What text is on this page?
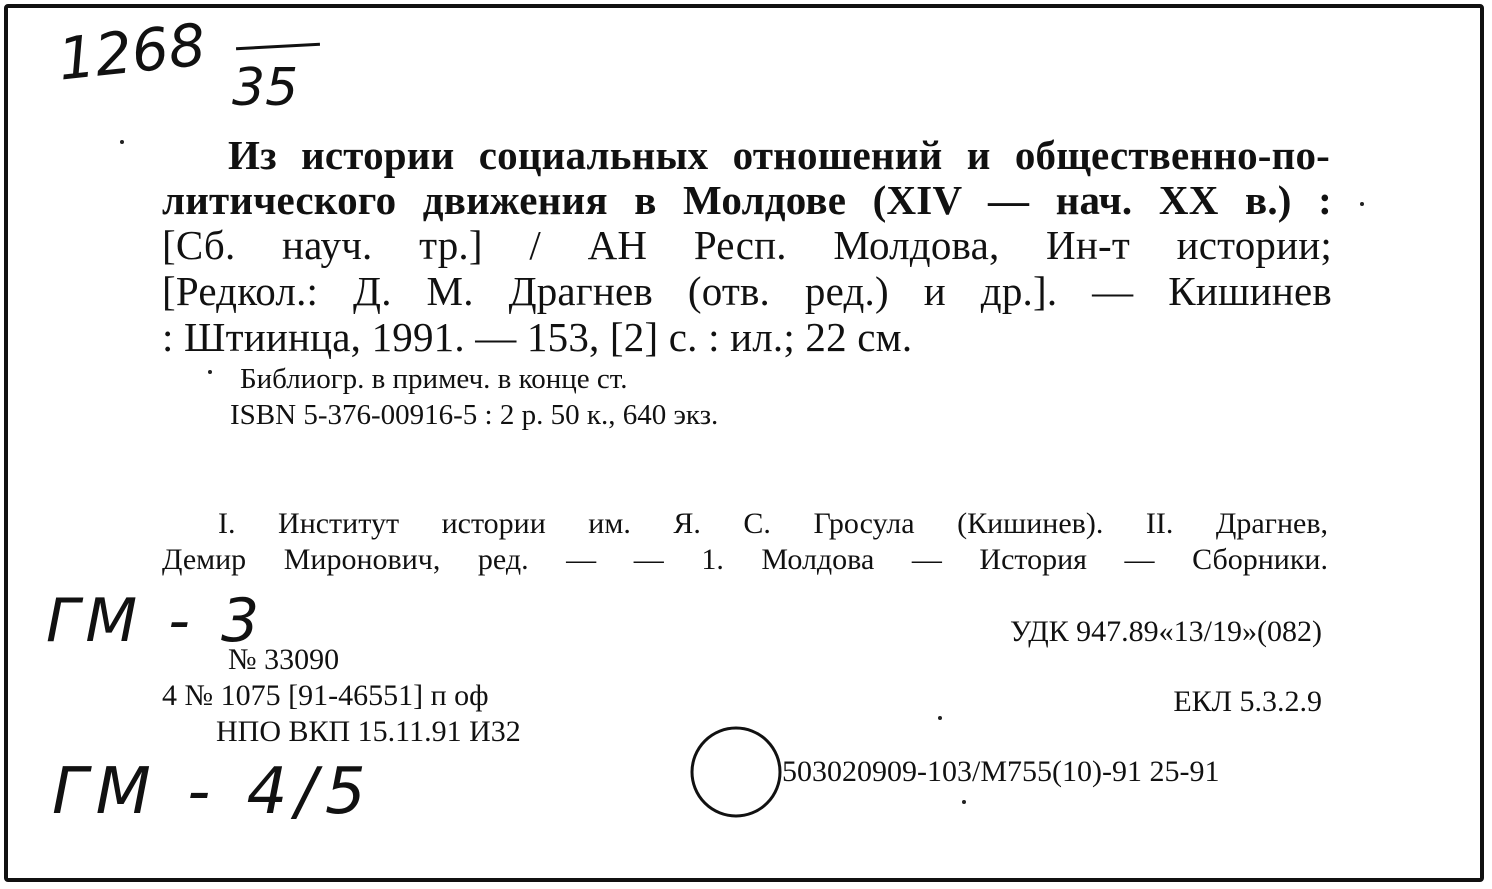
1268 35
Из истории социальных отношений и общественно-по-
литического движения в Молдове (XIV — нач. XX в.) :
[Сб. науч. тр.] / АН Респ. Молдова, Ин-т истории;
[Редкол.: Д. М. Драгнев (отв. ред.) и др.]. — Кишинев
: Штиинца, 1991. — 153, [2] с. : ил.; 22 см.
Библиогр. в примеч. в конце ст.
ISBN 5-376-00916-5 : 2 р. 50 к., 640 экз.
I. Институт истории им. Я. С. Гросула (Кишинев). II. Драгнев,
Демир Миронович, ред. — — 1. Молдова — История — Сборники.
ГМ - 3
ГМ - 4/5
№ 33090
4 № 1075 [91-46551] п оф
НПО ВКП 15.11.91 И32
УДК 947.89«13/19»(082)
ЕКЛ 5.3.2.9
503020909-103/М755(10)-91 25-91
